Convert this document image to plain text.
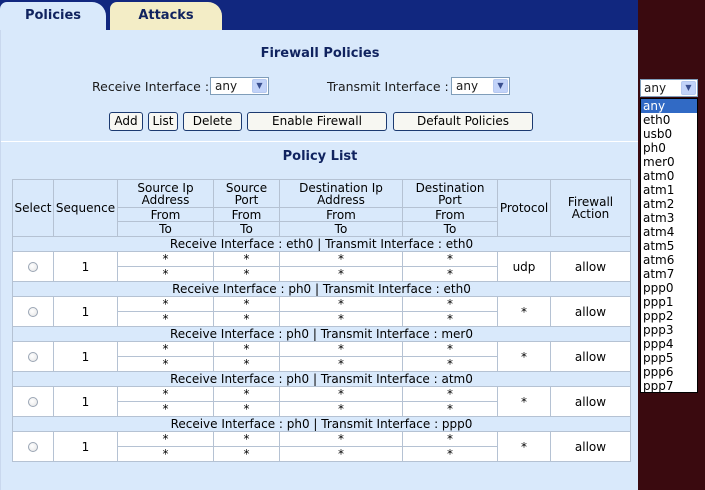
Policies	Attacks
Firewall Policies
Receive Interface : any	▼	Transmit Interface : any	▼
Add	List	Delete	Enable Firewall	Default Policies
Policy List
Select	Sequence	Source Ip Address	Source Port	Destination Ip Address	Destination Port	Protocol	Firewall Action
		From	From	From	From		
		To	To	To	To		
Receive Interface : eth0 | Transmit Interface : eth0							
	1	*	*	*	*	udp	allow
		*	*	*	*		
Receive Interface : ph0 | Transmit Interface : eth0							
	1	*	*	*	*	*	allow
		*	*	*	*		
Receive Interface : ph0 | Transmit Interface : mer0							
	1	*	*	*	*	*	allow
		*	*	*	*		
Receive Interface : ph0 | Transmit Interface : atm0							
	1	*	*	*	*	*	allow
		*	*	*	*		
Receive Interface : ph0 | Transmit Interface : ppp0							
	1	*	*	*	*	*	allow
		*	*	*	*		
any	▼
any
eth0
usb0
ph0
mer0
atm0
atm1
atm2
atm3
atm4
atm5
atm6
atm7
ppp0
ppp1
ppp2
ppp3
ppp4
ppp5
ppp6
ppp7
